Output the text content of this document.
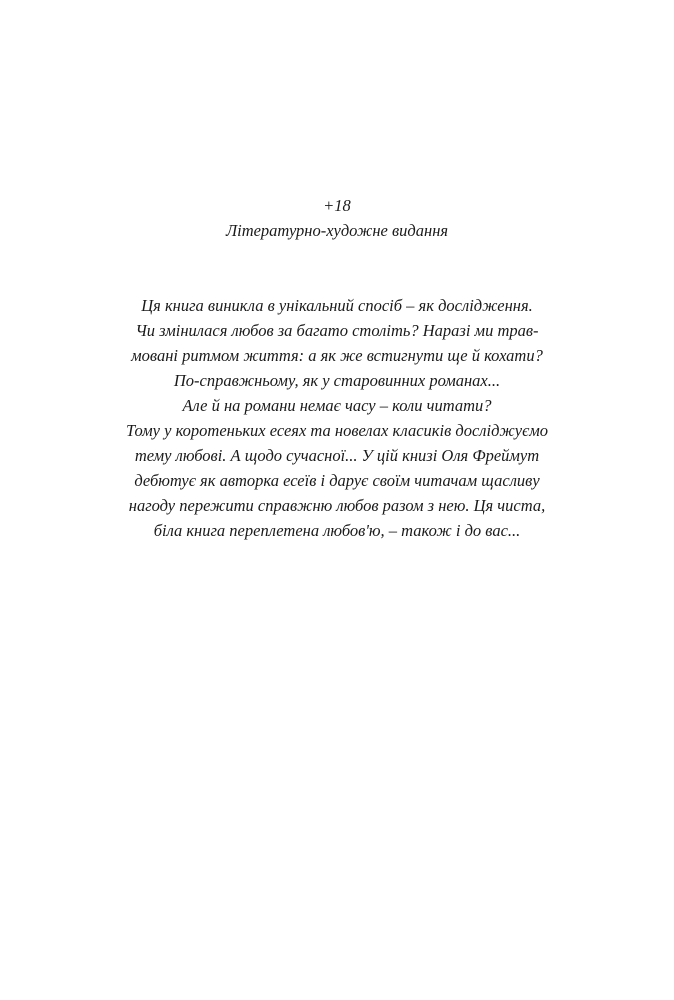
+18
Літературно-художне видання
Ця книга виникла в унікальний спосіб – як дослідження.
Чи змінилася любов за багато століть? Наразі ми трав-
мовані ритмом життя: а як же встигнути ще й кохати?
По-справжньому, як у старовинних романах...
Але й на романи немає часу – коли читати?
Тому у коротеньких есеях та новелах класиків досліджуємо
тему любові. А щодо сучасної... У цій книзі Оля Фреймут
дебютує як авторка есеїв і дарує своїм читачам щасливу
нагоду пережити справжню любов разом з нею. Ця чиста,
біла книга переплетена любов'ю, – також і до вас...
